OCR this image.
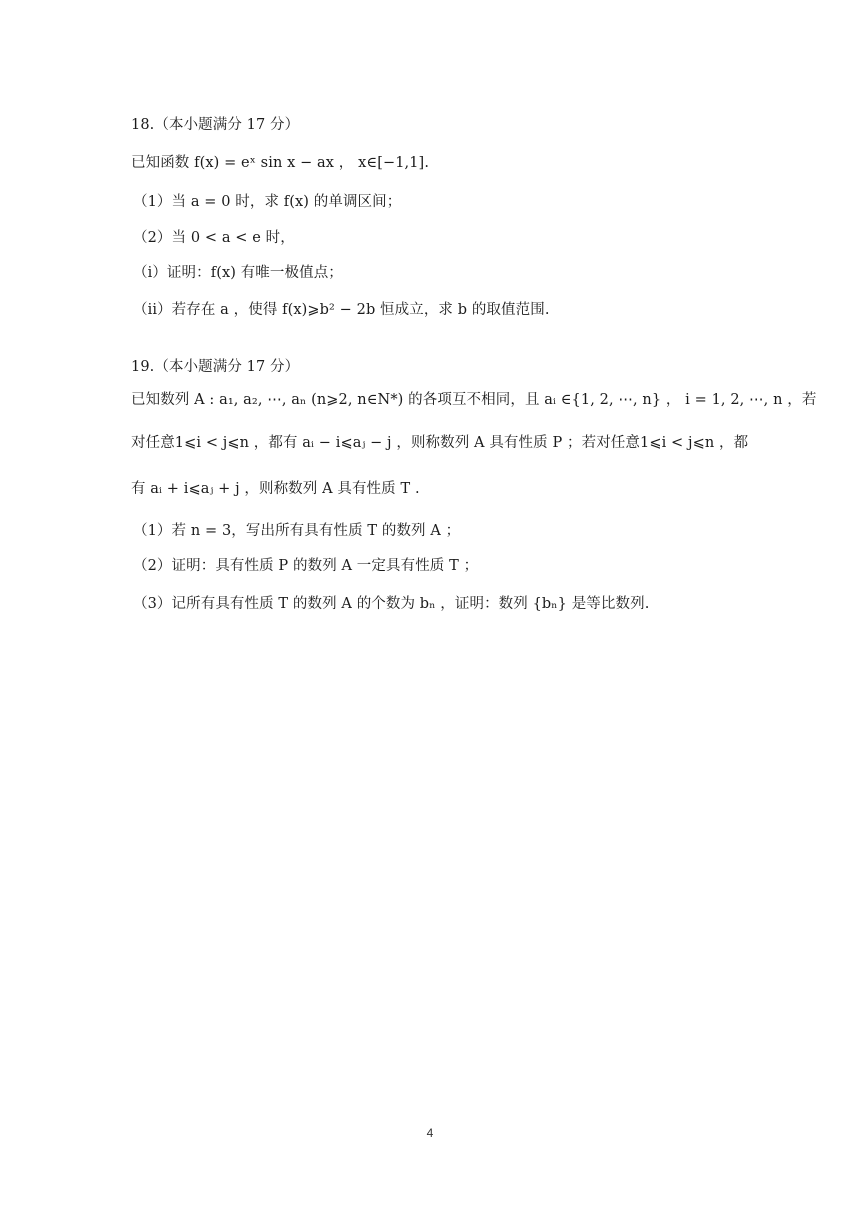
18.（本小题满分 17 分）
已知函数 f(x) = eˣ sin x − ax ， x∈[−1,1].
（1）当 a = 0 时，求 f(x) 的单调区间；
（2）当 0 < a < e 时，
（i）证明：f(x) 有唯一极值点；
（ii）若存在 a ，使得 f(x)⩾b² − 2b 恒成立，求 b 的取值范围.
19.（本小题满分 17 分）
已知数列 A : a₁, a₂, ⋯, aₙ (n⩾2, n∈N*) 的各项互不相同，且 aᵢ ∈{1, 2, ⋯, n} ， i = 1, 2, ⋯, n ，若
对任意1⩽i < j⩽n ，都有 aᵢ − i⩽aⱼ − j ，则称数列 A 具有性质 P ；若对任意1⩽i < j⩽n ，都
有 aᵢ + i⩽aⱼ + j ，则称数列 A 具有性质 T .
（1）若 n = 3，写出所有具有性质 T 的数列 A ；
（2）证明：具有性质 P 的数列 A 一定具有性质 T ；
（3）记所有具有性质 T 的数列 A 的个数为 bₙ ，证明：数列 {bₙ} 是等比数列.
4
